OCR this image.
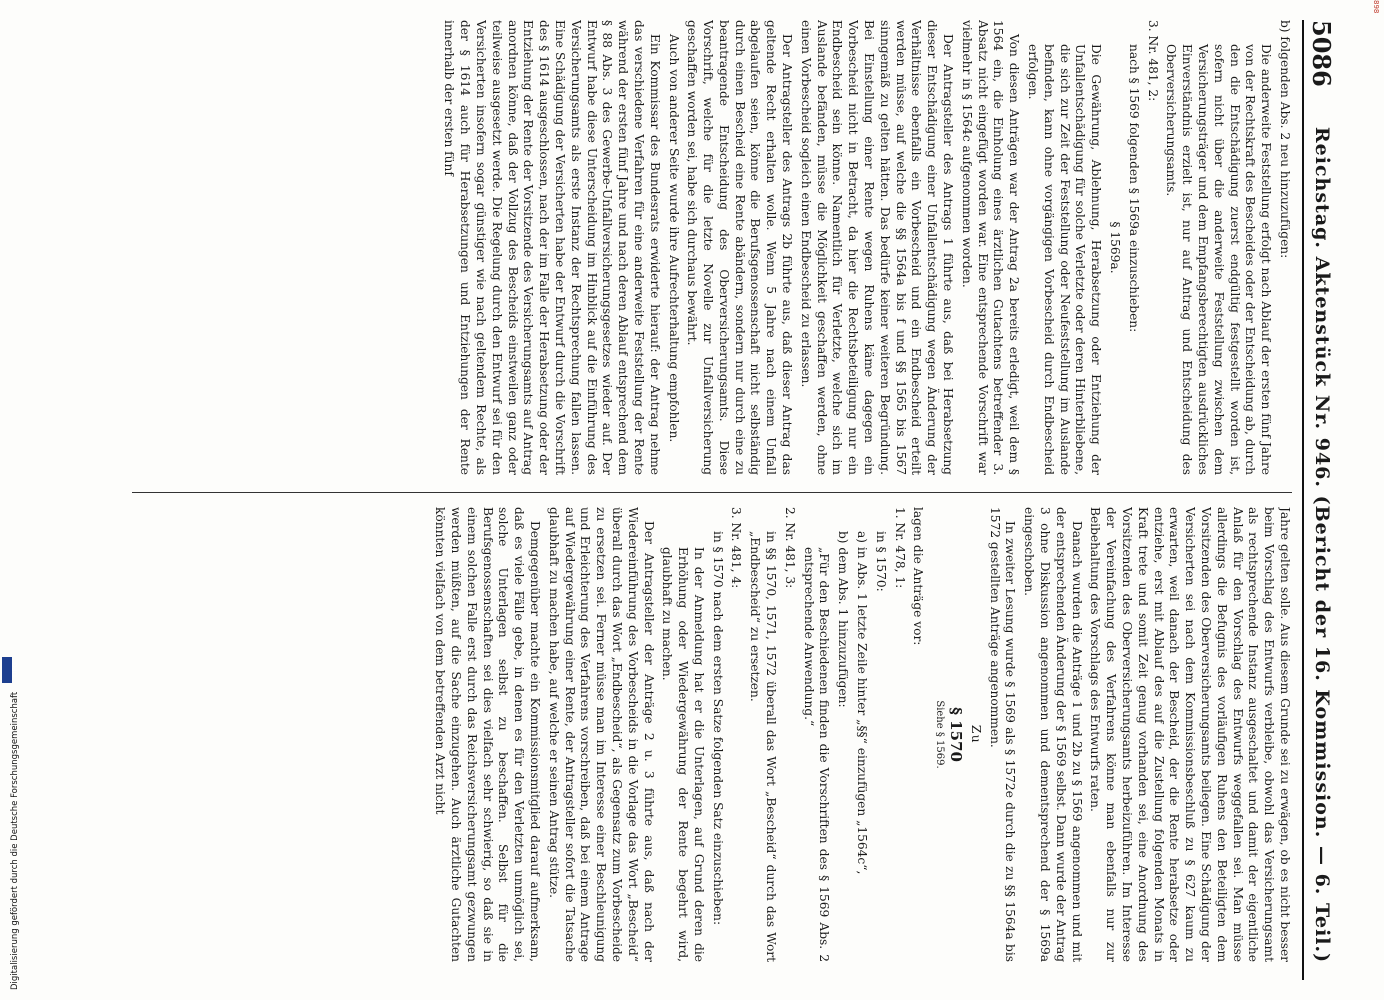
5086
Reichstag. Aktenstück Nr. 946. (Bericht der 16. Kommission. — 6. Teil.)

b) folgenden Abs. 2 neu hinzuzufügen:

Die anderweite Feststellung erfolgt nach Ablauf der ersten fünf Jahre von der Rechtskraft des Bescheides oder der Entscheidung ab, durch den die Entschädigung zuerst endgültig festgestellt worden ist, sofern nicht über die anderweite Feststellung zwischen dem Versicherungsträger und dem Empfangsberechtigten ausdrückliches Einverständnis erzielt ist, nur auf Antrag und Entscheidung des Oberversicherungsamts.

3. Nr. 481, 2:

nach § 1569 folgenden § 1569a einzuschieben:

§ 1569a.

Die Gewährung, Ablehnung, Herabsetzung oder Entziehung der Unfallentschädigung für solche Verletzte oder deren Hinterbliebene, die sich zur Zeit der Feststellung oder Neufeststellung im Auslande befinden, kann ohne vorgängigen Vorbescheid durch Endbescheid erfolgen.

Von diesen Anträgen war der Antrag 2a bereits erledigt, weil dem § 1564 ein, die Einholung eines ärztlichen Gutachtens betreffender 3. Absatz nicht eingefügt worden war. Eine entsprechende Vorschrift war vielmehr in § 1564c aufgenommen worden.

Der Antragsteller des Antrags 1 führte aus, daß bei Herabsetzung dieser Entschädigung einer Unfallentschädigung wegen Änderung der Verhältnisse ebenfalls ein Vorbescheid und ein Endbescheid erteilt werden müsse, auf welche die §§ 1564a bis f und §§ 1565 bis 1567 sinngemäß zu gelten hätten. Das bedürfe keiner weiteren Begründung. Bei Einstellung einer Rente wegen Ruhens käme dagegen ein Vorbescheid nicht in Betracht, da hier die Rechtsbeteiligung nur ein Endbescheid sein könne. Namentlich für Verletzte, welche sich im Auslande befänden, müsse die Möglichkeit geschaffen werden, ohne einen Vorbescheid sogleich einen Endbescheid zu erlassen.

Der Antragsteller des Antrags 2b führte aus, daß dieser Antrag das geltende Recht erhalten wolle. Wenn 5 Jahre nach einem Unfall abgelaufen seien, könne die Berufsgenossenschaft nicht selbständig durch einen Bescheid eine Rente abändern, sondern nur durch eine zu beantragende Entscheidung des Oberversicherungsamts. Diese Vorschrift, welche für die letzte Novelle zur Unfallversicherung geschaffen worden sei, habe sich durchaus bewährt.

Auch von anderer Seite wurde ihre Aufrechterhaltung empfohlen.

Ein Kommissar des Bundesrats erwiderte hierauf: der Antrag nehme das verschiedene Verfahren für eine anderweite Feststellung der Rente während der ersten fünf Jahre und nach deren Ablauf entsprechend dem § 88 Abs. 3 des Gewerbe-Unfallversicherungsgesetzes wieder auf. Der Entwurf habe diese Unterscheidung im Hinblick auf die Einführung des Versicherungsamts als erste Instanz der Rechtsprechung fallen lassen. Eine Schädigung der Versicherten habe der Entwurf durch die Vorschrift des § 1614 ausgeschlossen, nach der im Falle der Herabsetzung oder der Entziehung der Rente der Vorsitzende des Versicherungsamts auf Antrag anordnen könne, daß der Vollzug des Bescheids einstweilen ganz oder teilweise ausgesetzt werde. Die Regelung durch den Entwurf sei für den Versicherten insofern sogar günstiger wie nach geltendem Rechte, als der § 1614 auch für Herabsetzungen und Entziehungen der Rente innerhalb der ersten fünf

Jahre gelten solle. Aus diesem Grunde sei zu erwägen, ob es nicht besser beim Vorschlag des Entwurfs verbleibe, obwohl das Versicherungsamt als rechtsprechende Instanz ausgeschaltet und damit der eigentliche Anlaß für den Vorschlag des Entwurfs weggefallen sei. Man müsse allerdings die Befugnis des vorläufigen Ruhens den Beteiligten dem Vorsitzenden des Oberversicherungsamts beilegen. Eine Schädigung der Versicherten sei nach dem Kommissionsbeschluß zu § 627 kaum zu erwarten, weil danach der Bescheid, der die Rente herabsetze oder entziehe, erst mit Ablauf des auf die Zustellung folgenden Monats in Kraft trete und somit Zeit genug vorhanden sei, eine Anordnung des Vorsitzenden des Oberversicherungsamts herbeizuführen. Im Interesse der Vereinfachung des Verfahrens könne man ebenfalls nur zur Beibehaltung des Vorschlags des Entwurfs raten.

Danach wurden die Anträge 1 und 2b zu § 1569 angenommen und mit der entsprechenden Änderung der § 1569 selbst. Dann wurde der Antrag 3 ohne Diskussion angenommen und dementsprechend der § 1569a eingeschoben.

In zweiter Lesung wurde § 1569 als § 1572e durch die zu §§ 1564a bis 1572 gestellten Anträge angenommen.

Zu

§ 1570

Siehe § 1569.

lagen die Anträge vor:

1. Nr. 478, 1:

in § 1570:

a) in Abs. 1 letzte Zeile hinter „§§“ einzufügen „1564c“,

b) dem Abs. 1 hinzuzufügen:

„Für den Beschiedenen finden die Vorschriften des § 1569 Abs. 2 entsprechende Anwendung.“

2. Nr. 481, 3:

in §§ 1570, 1571, 1572 überall das Wort „Bescheid“ durch das Wort „Endbescheid“ zu ersetzen.

3. Nr. 481, 4:

in § 1570 nach dem ersten Satze folgenden Satz einzuschieben:

In der Anmeldung hat er die Unterlagen, auf Grund deren die Erhöhung oder Wiedergewährung der Rente begehrt wird, glaubhaft zu machen.

Der Antragsteller der Anträge 2 u. 3 führte aus, daß nach der Wiedereinführung des Vorbescheids in die Vorlage das Wort „Bescheid“ überall durch das Wort „Endbescheid“, als Gegensatz zum Vorbescheide zu ersetzen sei. Ferner müsse man im Interesse einer Beschleunigung und Erleichterung des Verfahrens vorschreiben, daß bei einem Antrage auf Wiedergewährung einer Rente, der Antragsteller sofort die Tatsache glaubhaft zu machen habe, auf welche er seinen Antrag stütze.

Demgegenüber machte ein Kommissionsmitglied darauf aufmerksam, daß es viele Fälle gebe, in denen es für den Verletzten unmöglich sei, solche Unterlagen selbst zu beschaffen. Selbst für die Berufsgenossenschaften sei dies vielfach sehr schwierig, so daß sie in einem solchen Falle erst durch das Reichsversicherungsamt gezwungen werden müßten, auf die Sache einzugehen. Auch ärztliche Gutachten könnten vielfach von dem betreffenden Arzt nicht

898
Digitalisierung gefördert durch die Deutsche Forschungsgemeinschaft DFG
